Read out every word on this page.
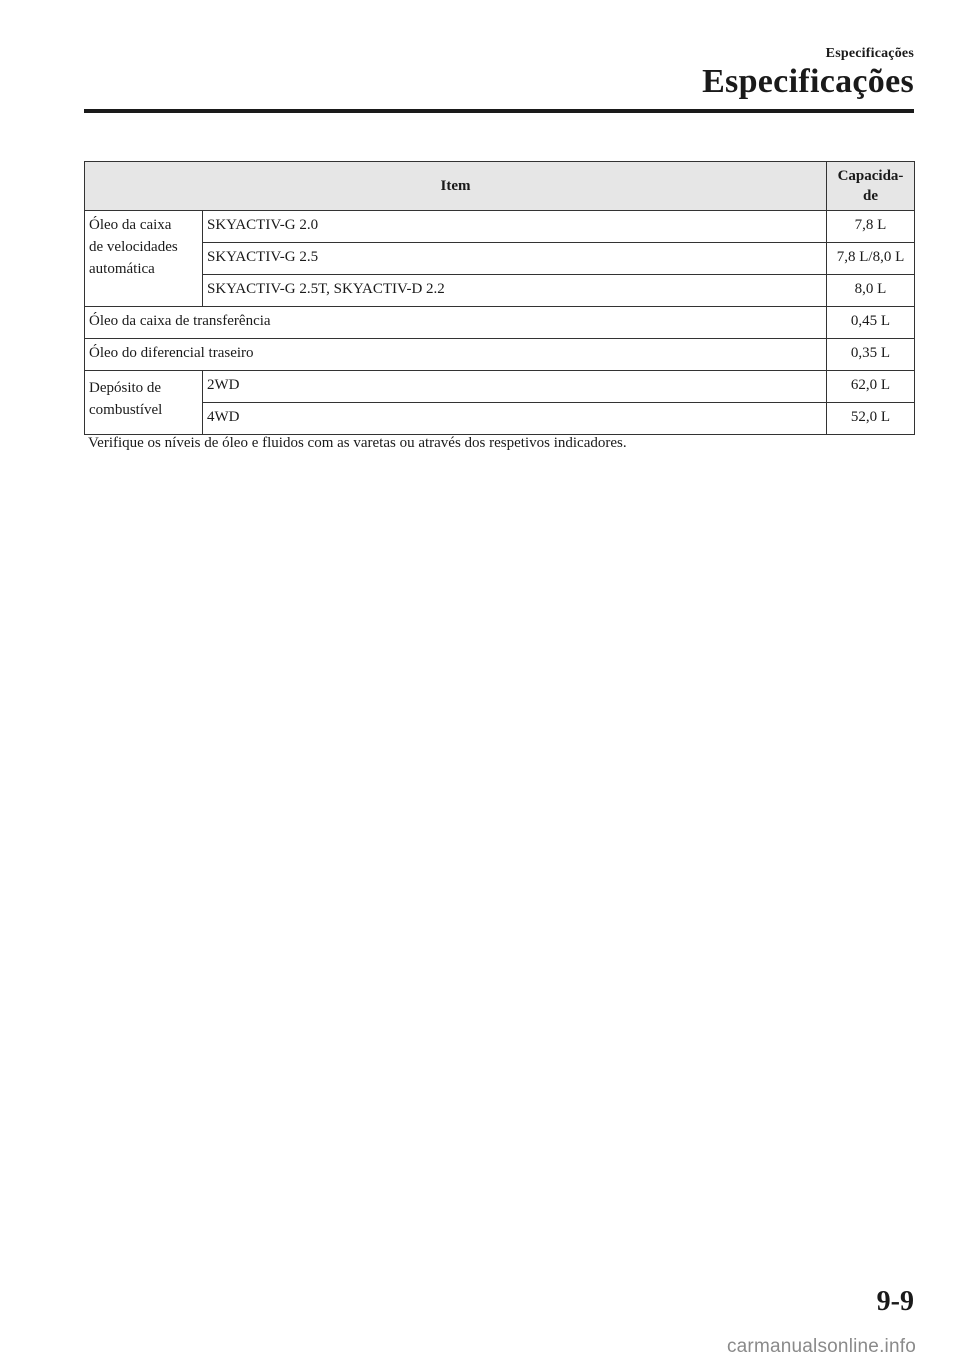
Especificações
Especificações
Item		Capacida-
de
Óleo da caixa
de velocidades
automática	SKYACTIV-G 2.0	7,8 L
	SKYACTIV-G 2.5	7,8 L/8,0 L
	SKYACTIV-G 2.5T, SKYACTIV-D 2.2	8,0 L
Óleo da caixa de transferência		0,45 L
Óleo do diferencial traseiro		0,35 L
Depósito de
combustível	2WD	62,0 L
	4WD	52,0 L
Verifique os níveis de óleo e fluidos com as varetas ou através dos respetivos indicadores.
9-9
carmanualsonline.info
